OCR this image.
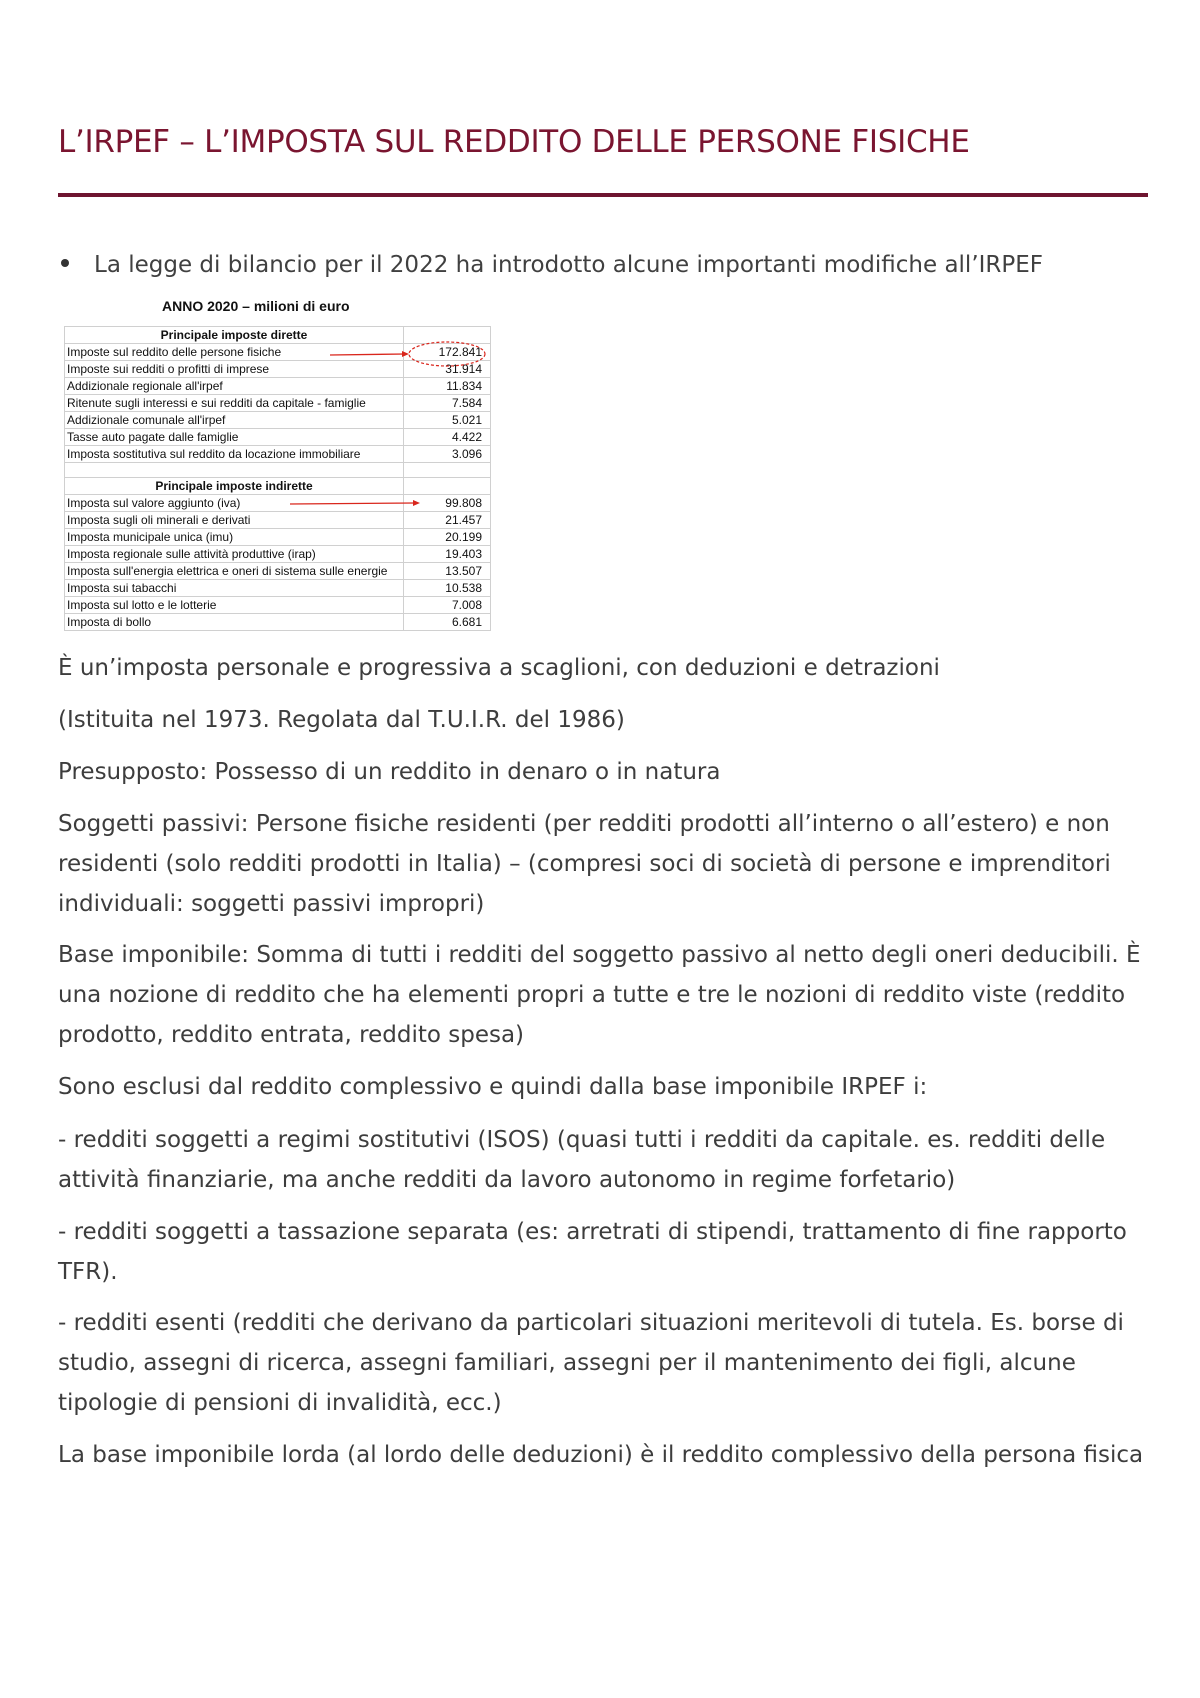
L’IRPEF – L’IMPOSTA SUL REDDITO DELLE PERSONE FISICHE
La legge di bilancio per il 2022 ha introdotto alcune importanti modifiche all’IRPEF
ANNO 2020 – milioni di euro
Principale imposte dirette	
Imposte sul reddito delle persone fisiche	172.841
Imposte sui redditi o profitti di imprese	31.914
Addizionale regionale all'irpef	11.834
Ritenute sugli interessi e sui redditi da capitale - famiglie	7.584
Addizionale comunale all'irpef	5.021
Tasse auto pagate dalle famiglie	4.422
Imposta sostitutiva sul reddito da locazione immobiliare	3.096

Principale imposte indirette	
Imposta sul valore aggiunto (iva)	99.808
Imposta sugli oli minerali e derivati	21.457
Imposta municipale unica (imu)	20.199
Imposta regionale sulle attività produttive (irap)	19.403
Imposta sull'energia elettrica e oneri di sistema sulle energie	13.507
Imposta sui tabacchi	10.538
Imposta sul lotto e le lotterie	7.008
Imposta di bollo	6.681
È un’imposta personale e progressiva a scaglioni, con deduzioni e detrazioni
(Istituita nel 1973. Regolata dal T.U.I.R. del 1986)
Presupposto: Possesso di un reddito in denaro o in natura
Soggetti passivi: Persone fisiche residenti (per redditi prodotti all’interno o all’estero) e non residenti (solo redditi prodotti in Italia) – (compresi soci di società di persone e imprenditori individuali: soggetti passivi impropri)
Base imponibile: Somma di tutti i redditi del soggetto passivo al netto degli oneri deducibili. È una nozione di reddito che ha elementi propri a tutte e tre le nozioni di reddito viste (reddito prodotto, reddito entrata, reddito spesa)
Sono esclusi dal reddito complessivo e quindi dalla base imponibile IRPEF i:
- redditi soggetti a regimi sostitutivi (ISOS) (quasi tutti i redditi da capitale. es. redditi delle attività finanziarie, ma anche redditi da lavoro autonomo in regime forfetario)
- redditi soggetti a tassazione separata (es: arretrati di stipendi, trattamento di fine rapporto TFR).
- redditi esenti (redditi che derivano da particolari situazioni meritevoli di tutela. Es. borse di studio, assegni di ricerca, assegni familiari, assegni per il mantenimento dei figli, alcune tipologie di pensioni di invalidità, ecc.)
La base imponibile lorda (al lordo delle deduzioni) è il reddito complessivo della persona fisica
